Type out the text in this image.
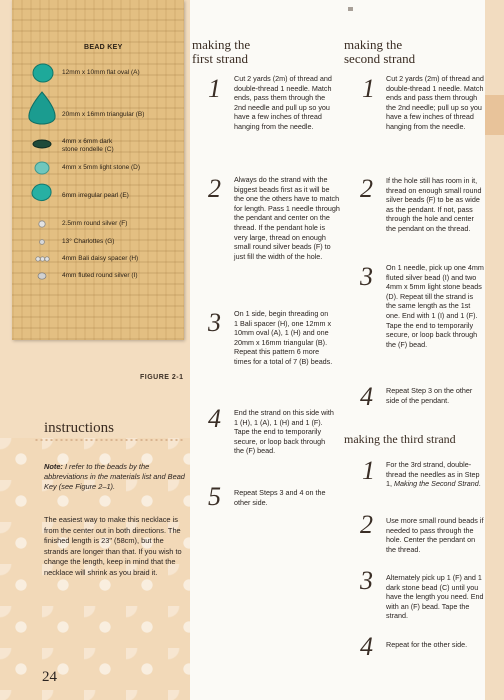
BEAD KEY
12mm x 10mm flat oval (A)
20mm x 16mm triangular (B)
4mm x 6mm dark stone rondelle (C)
4mm x 5mm light stone (D)
6mm irregular pearl (E)
2.5mm round silver (F)
13° Charlottes (G)
4mm Bali daisy spacer (H)
4mm fluted round silver (I)
FIGURE 2-1
instructions
Note: I refer to the beads by the abbreviations in the materials list and Bead Key (see Figure 2–1).
The easiest way to make this necklace is from the center out in both directions. The finished length is 23" (58cm), but the strands are longer than that. If you wish to change the length, keep in mind that the necklace will shrink as you braid it.
24
making the
first strand
1 Cut 2 yards (2m) of thread and double-thread 1 needle. Match ends, pass them through the 2nd needle and pull up so you have a few inches of thread hanging from the needle.
2 Always do the strand with the biggest beads first as it will be the one the others have to match for length. Pass 1 needle through the pendant and center on the thread. If the pendant hole is very large, thread on enough small round silver beads (F) to just fill the width of the hole.
3 On 1 side, begin threading on 1 Bali spacer (H), one 12mm x 10mm oval (A), 1 (H) and one 20mm x 16mm triangular (B). Repeat this pattern 6 more times for a total of 7 (B) beads.
4 End the strand on this side with 1 (H), 1 (A), 1 (H) and 1 (F). Tape the end to temporarily secure, or loop back through the (F) bead.
5 Repeat Steps 3 and 4 on the other side.
making the
second strand
1 Cut 2 yards (2m) of thread and double-thread 1 needle. Match ends and pass them through the 2nd needle; pull up so you have a few inches of thread hanging from the needle.
2 If the hole still has room in it, thread on enough small round silver beads (F) to be as wide as the pendant. If not, pass through the hole and center the pendant on the thread.
3 On 1 needle, pick up one 4mm fluted silver bead (I) and two 4mm x 5mm light stone beads (D). Repeat till the strand is the same length as the 1st one. End with 1 (I) and 1 (F). Tape the end to temporarily secure, or loop back through the (F) bead.
4 Repeat Step 3 on the other side of the pendant.
making the third strand
1 For the 3rd strand, double-thread the needles as in Step 1, Making the Second Strand.
2 Use more small round beads if needed to pass through the hole. Center the pendant on the thread.
3 Alternately pick up 1 (F) and 1 dark stone bead (C) until you have the length you need. End with an (F) bead. Tape the strand.
4 Repeat for the other side.
